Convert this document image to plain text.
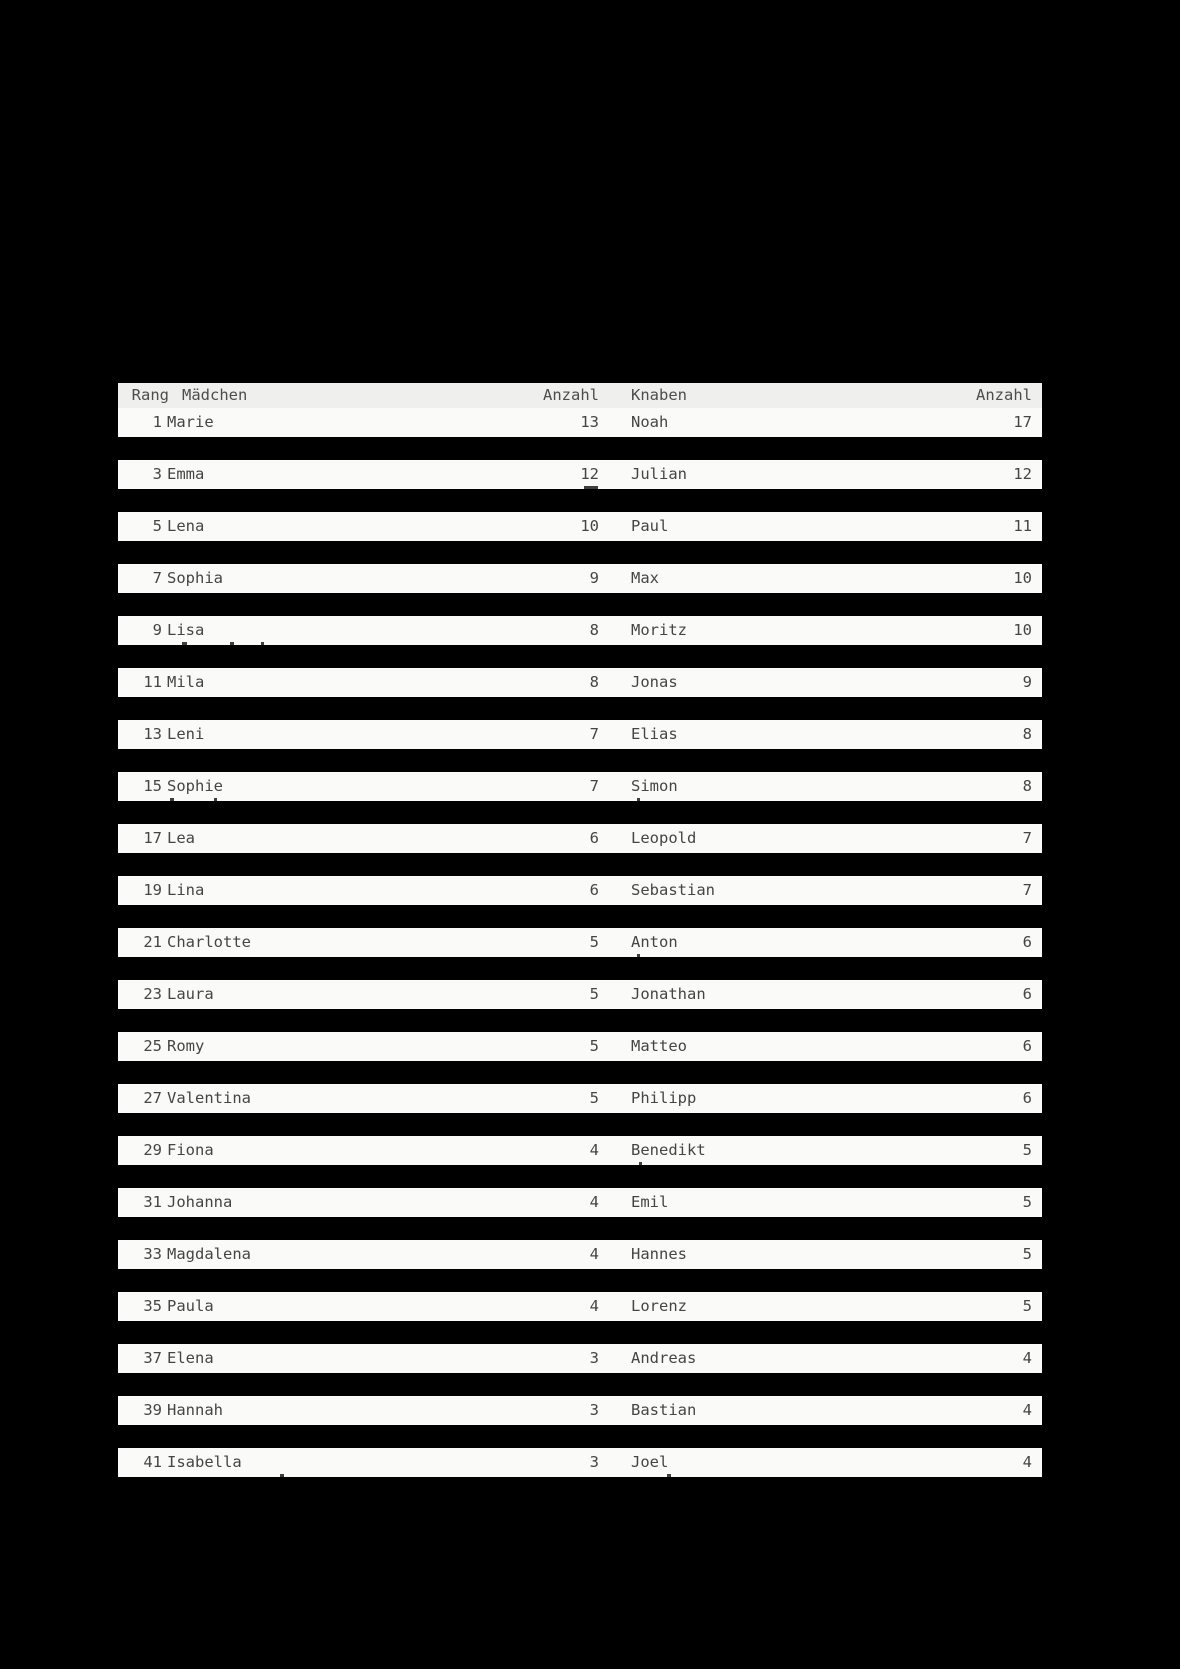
Rang Mädchen	Anzahl Knaben	Anzahl
1 Marie	13 Noah	17
3 Emma	12 Julian	12
5 Lena	10 Paul	11
7 Sophia	9 Max	10
9 Lisa	8 Moritz	10
11 Mila	8 Jonas	9
13 Leni	7 Elias	8
15 Sophie	7 Simon	8
17 Lea	6 Leopold	7
19 Lina	6 Sebastian	7
21 Charlotte	5 Anton	6
23 Laura	5 Jonathan	6
25 Romy	5 Matteo	6
27 Valentina	5 Philipp	6
29 Fiona	4 Benedikt	5
31 Johanna	4 Emil	5
33 Magdalena	4 Hannes	5
35 Paula	4 Lorenz	5
37 Elena	3 Andreas	4
39 Hannah	3 Bastian	4
41 Isabella	3 Joel	4
